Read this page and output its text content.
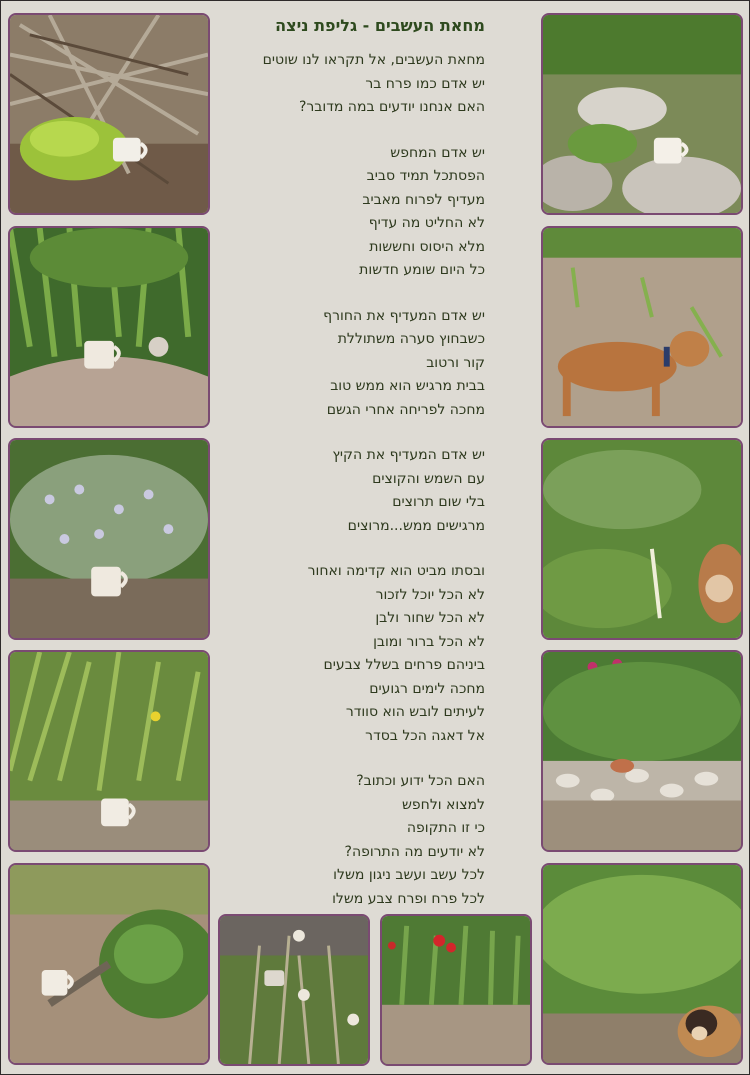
מחאת העשבים - גליפת ניצה
מחאת העשבים, אל תקראו לנו שוטים
יש אדם כמו פרח בר
האם אנחנו יודעים במה מדובר?
יש אדם המחפש
הפסתכל תמיד סביב
מעדיף לפרוח מאביב
לא החליט מה עדיף
מלא היסוס וחששות
כל היום שומע חדשות
יש אדם המעדיף את החורף
כשבחוץ סערה משתוללת
קור ורטוב
בבית מרגיש הוא ממש טוב
מחכה לפריחה אחרי הגשם
יש אדם המעדיף את הקיץ
עם השמש והקוצים
בלי שום תרוצים
מרגישים ממש...מרוצים
ובסתו מביט הוא קדימה ואחור
לא הכל יוכל לזכור
לא הכל שחור ולבן
לא הכל ברור ומובן
ביניהם פרחים בשלל צבעים
מחכה לימים רגועים
לעיתים לובש הוא סוודר
אל דאגה הכל בסדר
האם הכל ידוע וכתוב?
למצוא ולחפש
כי זו התקופה
לא יודעים מה התרופה?
לכל עשב ועשב ניגון משלו
לכל פרח ופרח צבע משלו
